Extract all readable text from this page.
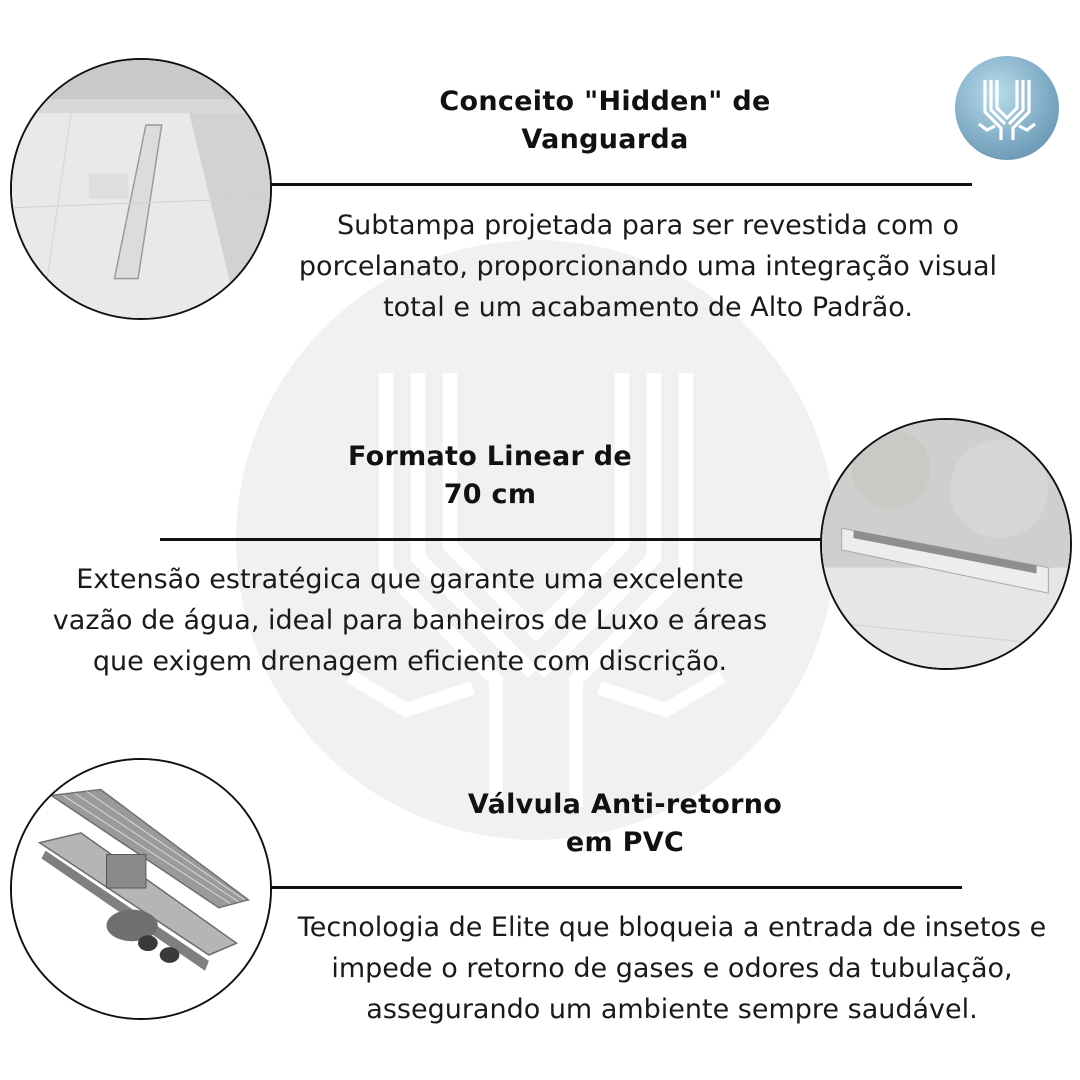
Conceito "Hidden" de
Vanguarda
Subtampa projetada para ser revestida com o
porcelanato, proporcionando uma integração visual
total e um acabamento de Alto Padrão.
Formato Linear de
70 cm
Extensão estratégica que garante uma excelente
vazão de água, ideal para banheiros de Luxo e áreas
que exigem drenagem eficiente com discrição.
Válvula Anti-retorno
em PVC
Tecnologia de Elite que bloqueia a entrada de insetos e
impede o retorno de gases e odores da tubulação,
assegurando um ambiente sempre saudável.
